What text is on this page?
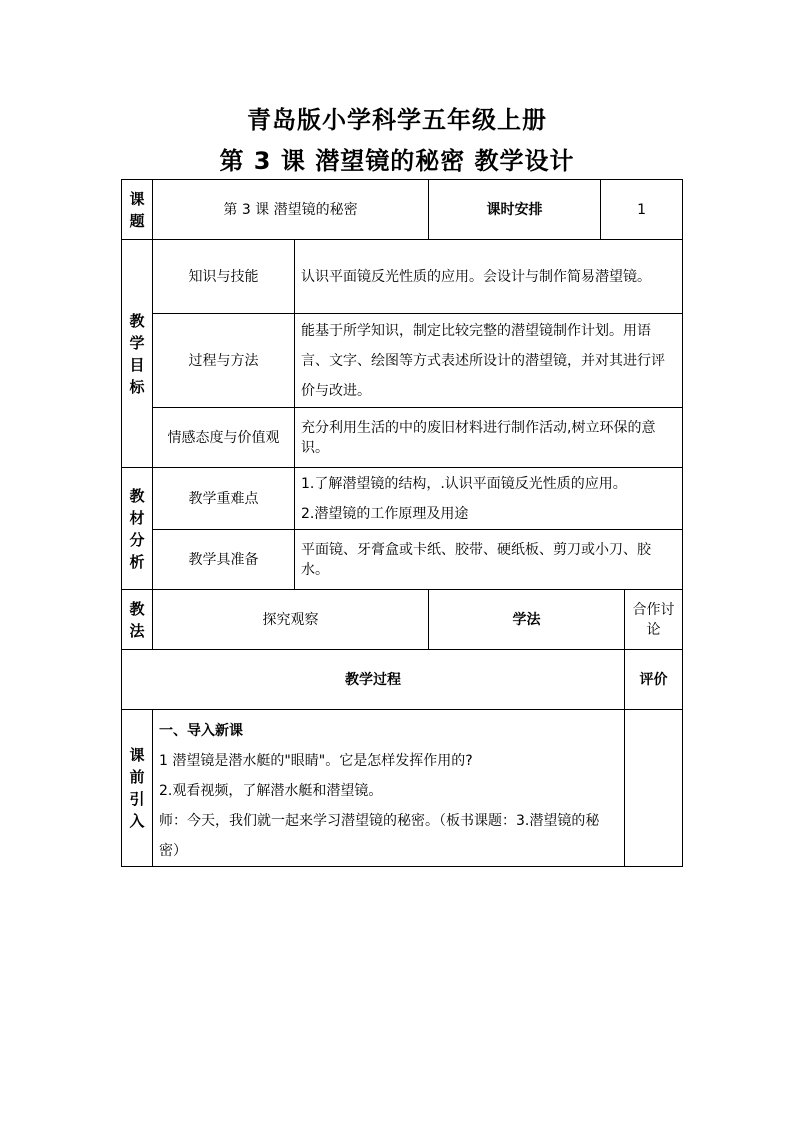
青岛版小学科学五年级上册
第 3 课 潜望镜的秘密 教学设计
课题	第 3 课 潜望镜的秘密		课时安排	1	
教学目标	知识与技能	认识平面镜反光性质的应用。会设计与制作简易潜望镜。			
	过程与方法	能基于所学知识，制定比较完整的潜望镜制作计划。用语言、文字、绘图等方式表述所设计的潜望镜，并对其进行评价与改进。			
	情感态度与价值观	充分利用生活的中的废旧材料进行制作活动,树立环保的意识。			
教材分析	教学重难点	1.了解潜望镜的结构，.认识平面镜反光性质的应用。
2.潜望镜的工作原理及用途			

	教学具准备	平面镜、牙膏盒或卡纸、胶带、硬纸板、剪刀或小刀、胶水。			
教法	探究观察		学法		合作讨论
教学过程					评价
课前引入	一、导入新课

1 潜望镜是潜水艇的"眼睛"。它是怎样发挥作用的?

2.观看视频，了解潜水艇和潜望镜。

师：今天，我们就一起来学习潜望镜的秘密。（板书课题：3.潜望镜的秘密）				
